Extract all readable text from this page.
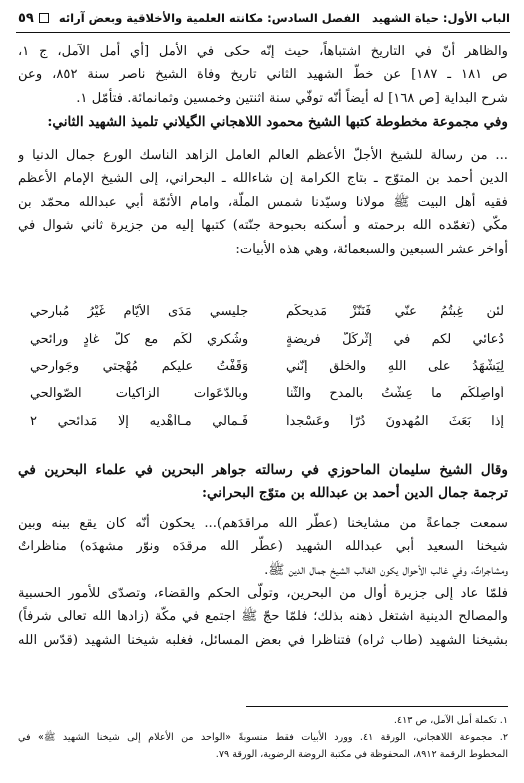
الباب الأول: حياة الشهيد   الفصل السادس: مكانته العلمية والأخلاقية وبعض آرائه
٥٩
والظاهر أنّ في التاريخ اشتباهاً، حيث إنّه حكى في الأمل [أي أمل الآمل، ج ١،
ص ١٨١ ـ ١٨٧] عن خطّ الشهيد الثاني تاريخ وفاة الشيخ ناصر سنة ٨٥٢، وعن
شرح البداية [ص ١٦٨] له أيضاً أنّه توفّي سنة اثنتين وخمسين وثمانمائة. فتأمّل ١.
وفي مجموعة مخطوطة كتبها الشيخ محمود اللاهجاني الگيلاني تلميذ الشهيد الثاني:
... من رسالة للشيخ الأجلّ الأعظم العالم العامل الزاهد الناسك الورع جمال الدنيا و
الدين أحمد بن المتوّج ـ بتاج الكرامة إن شاءالله ـ البحراني، إلى الشيخ الإمام الأعظم
فقيه أهل البيت ﷺ مولانا وسيّدنا شمس الملّة، وامام الأئمّة أبي عبدالله محمّد بن
مكّي (تغمّده الله برحمته و أسكنه بحبوحة جنّته) كتبها إليه من جزيرة ثاني شوال في
أواخر عشر السبعين والسبعمائة، وهي هذه الأبيات:
لئن غِبتُمُ عنّي فَنَنّزْ مَديحكُم
جليسي مَدَى الأيّام غَيْرُ مُبارحي
دُعائي لكم في إثْركُلّ فريضةٍ
وشُكري لَكُم مع كلّ غادٍ ورائحي
لِيَشْهَدُ على اللهِ والخلقِ إنّني
وَقَفْتُ عليكم مُهْجتي وجَوارحي
أُواصِلُكُم ما عِشْتُ بالمدحِ والثّنا
وبالدّعَوات الزاكيات الصّوالحي
إذا بَعَثَ المُهدونَ دُرّاً وعَسْجداً
فَـمالي مـاأُهْديه إلّا مَدائحي ٢
وقال الشيخ سليمان الماحوزي في رسالته جواهر البحرين في علماء البحرين في
ترجمة جمال الدين أحمد بن عبدالله بن متوّج البحراني:
سمعت جماعةً من مشايخنا (عطّر الله مراقدَهم)... يحكون أنّه كان يقع بينه وبين
شيخنا السعيد أبي عبدالله الشهيد (عطّر الله مرقدَه ونوّر مشهدَه) مناظراتٌ
ومشاجراتٌ، وفي غالب الأحوال يكون الغالب الشيخ جمال الدين ﷺ.
١. تكملة أمل الآمل، ص ٤١٣.
٢. مجموعة اللاهجاني، الورقة ٤١. وورد الأبيات فقط منسوبةً «الواحد من الأعلام إلى شيخنا الشهيد ﷺ» في
المخطوط الرقمة ٨٩١٢، المحفوظة في مكتبة الروضة الرضوية، الورقة ٧٩.
فلمّا عاد إلى جزيرة أوال من البحرين، وتولّى الحكم والقضاء، وتصدّى للأمور الحسبية
والمصالح الدينية اشتغل ذهنه بذلك؛ فلمّا حجّ ﷺ اجتمع في مكّة (زادها الله تعالى شرفاً)
بشيخنا الشهيد (طاب ثراه) فتناظرا في بعض المسائل، فغلبه شيخنا الشهيد (قدّس الله
